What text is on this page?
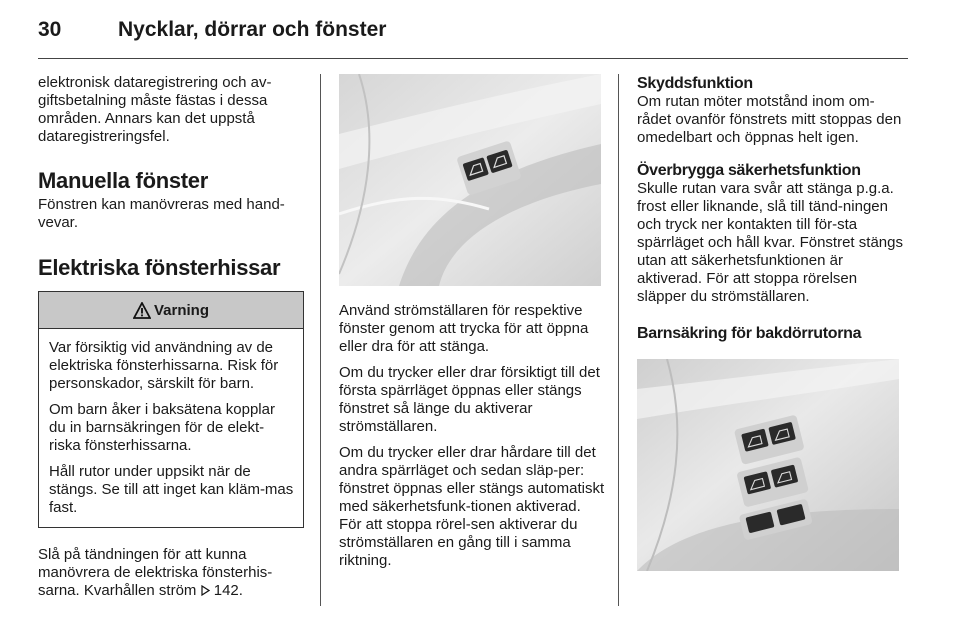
30	Nycklar, dörrar och fönster

elektronisk dataregistrering och av-giftsbetalning måste fästas i dessa områden. Annars kan det uppstå dataregistreringsfel.

Manuella fönster

Fönstren kan manövreras med hand-vevar.

Elektriska fönsterhissar
Varning

Var försiktig vid användning av de elektriska fönsterhissarna. Risk för personskador, särskilt för barn.

Om barn åker i baksätena kopplar du in barnsäkringen för de elekt-riska fönsterhissarna.

Håll rutor under uppsikt när de stängs. Se till att inget kan kläm-mas fast.

Slå på tändningen för att kunna manövrera de elektriska fönsterhis-sarna. Kvarhållen ström 142.

Använd strömställaren för respektive fönster genom att trycka för att öppna eller dra för att stänga.

Om du trycker eller drar försiktigt till det första spärrläget öppnas eller stängs fönstret så länge du aktiverar strömställaren.

Om du trycker eller drar hårdare till det andra spärrläget och sedan släp-per: fönstret öppnas eller stängs automatiskt med säkerhetsfunk-tionen aktiverad. För att stoppa rörel-sen aktiverar du strömställaren en gång till i samma riktning.

Skyddsfunktion

Om rutan möter motstånd inom om-rådet ovanför fönstrets mitt stoppas den omedelbart och öppnas helt igen.

Överbrygga säkerhetsfunktion

Skulle rutan vara svår att stänga p.g.a. frost eller liknande, slå till tänd-ningen och tryck ner kontakten till för-sta spärrläget och håll kvar. Fönstret stängs utan att säkerhetsfunktionen är aktiverad. För att stoppa rörelsen släpper du strömställaren.

Barnsäkring för bakdörrutorna
